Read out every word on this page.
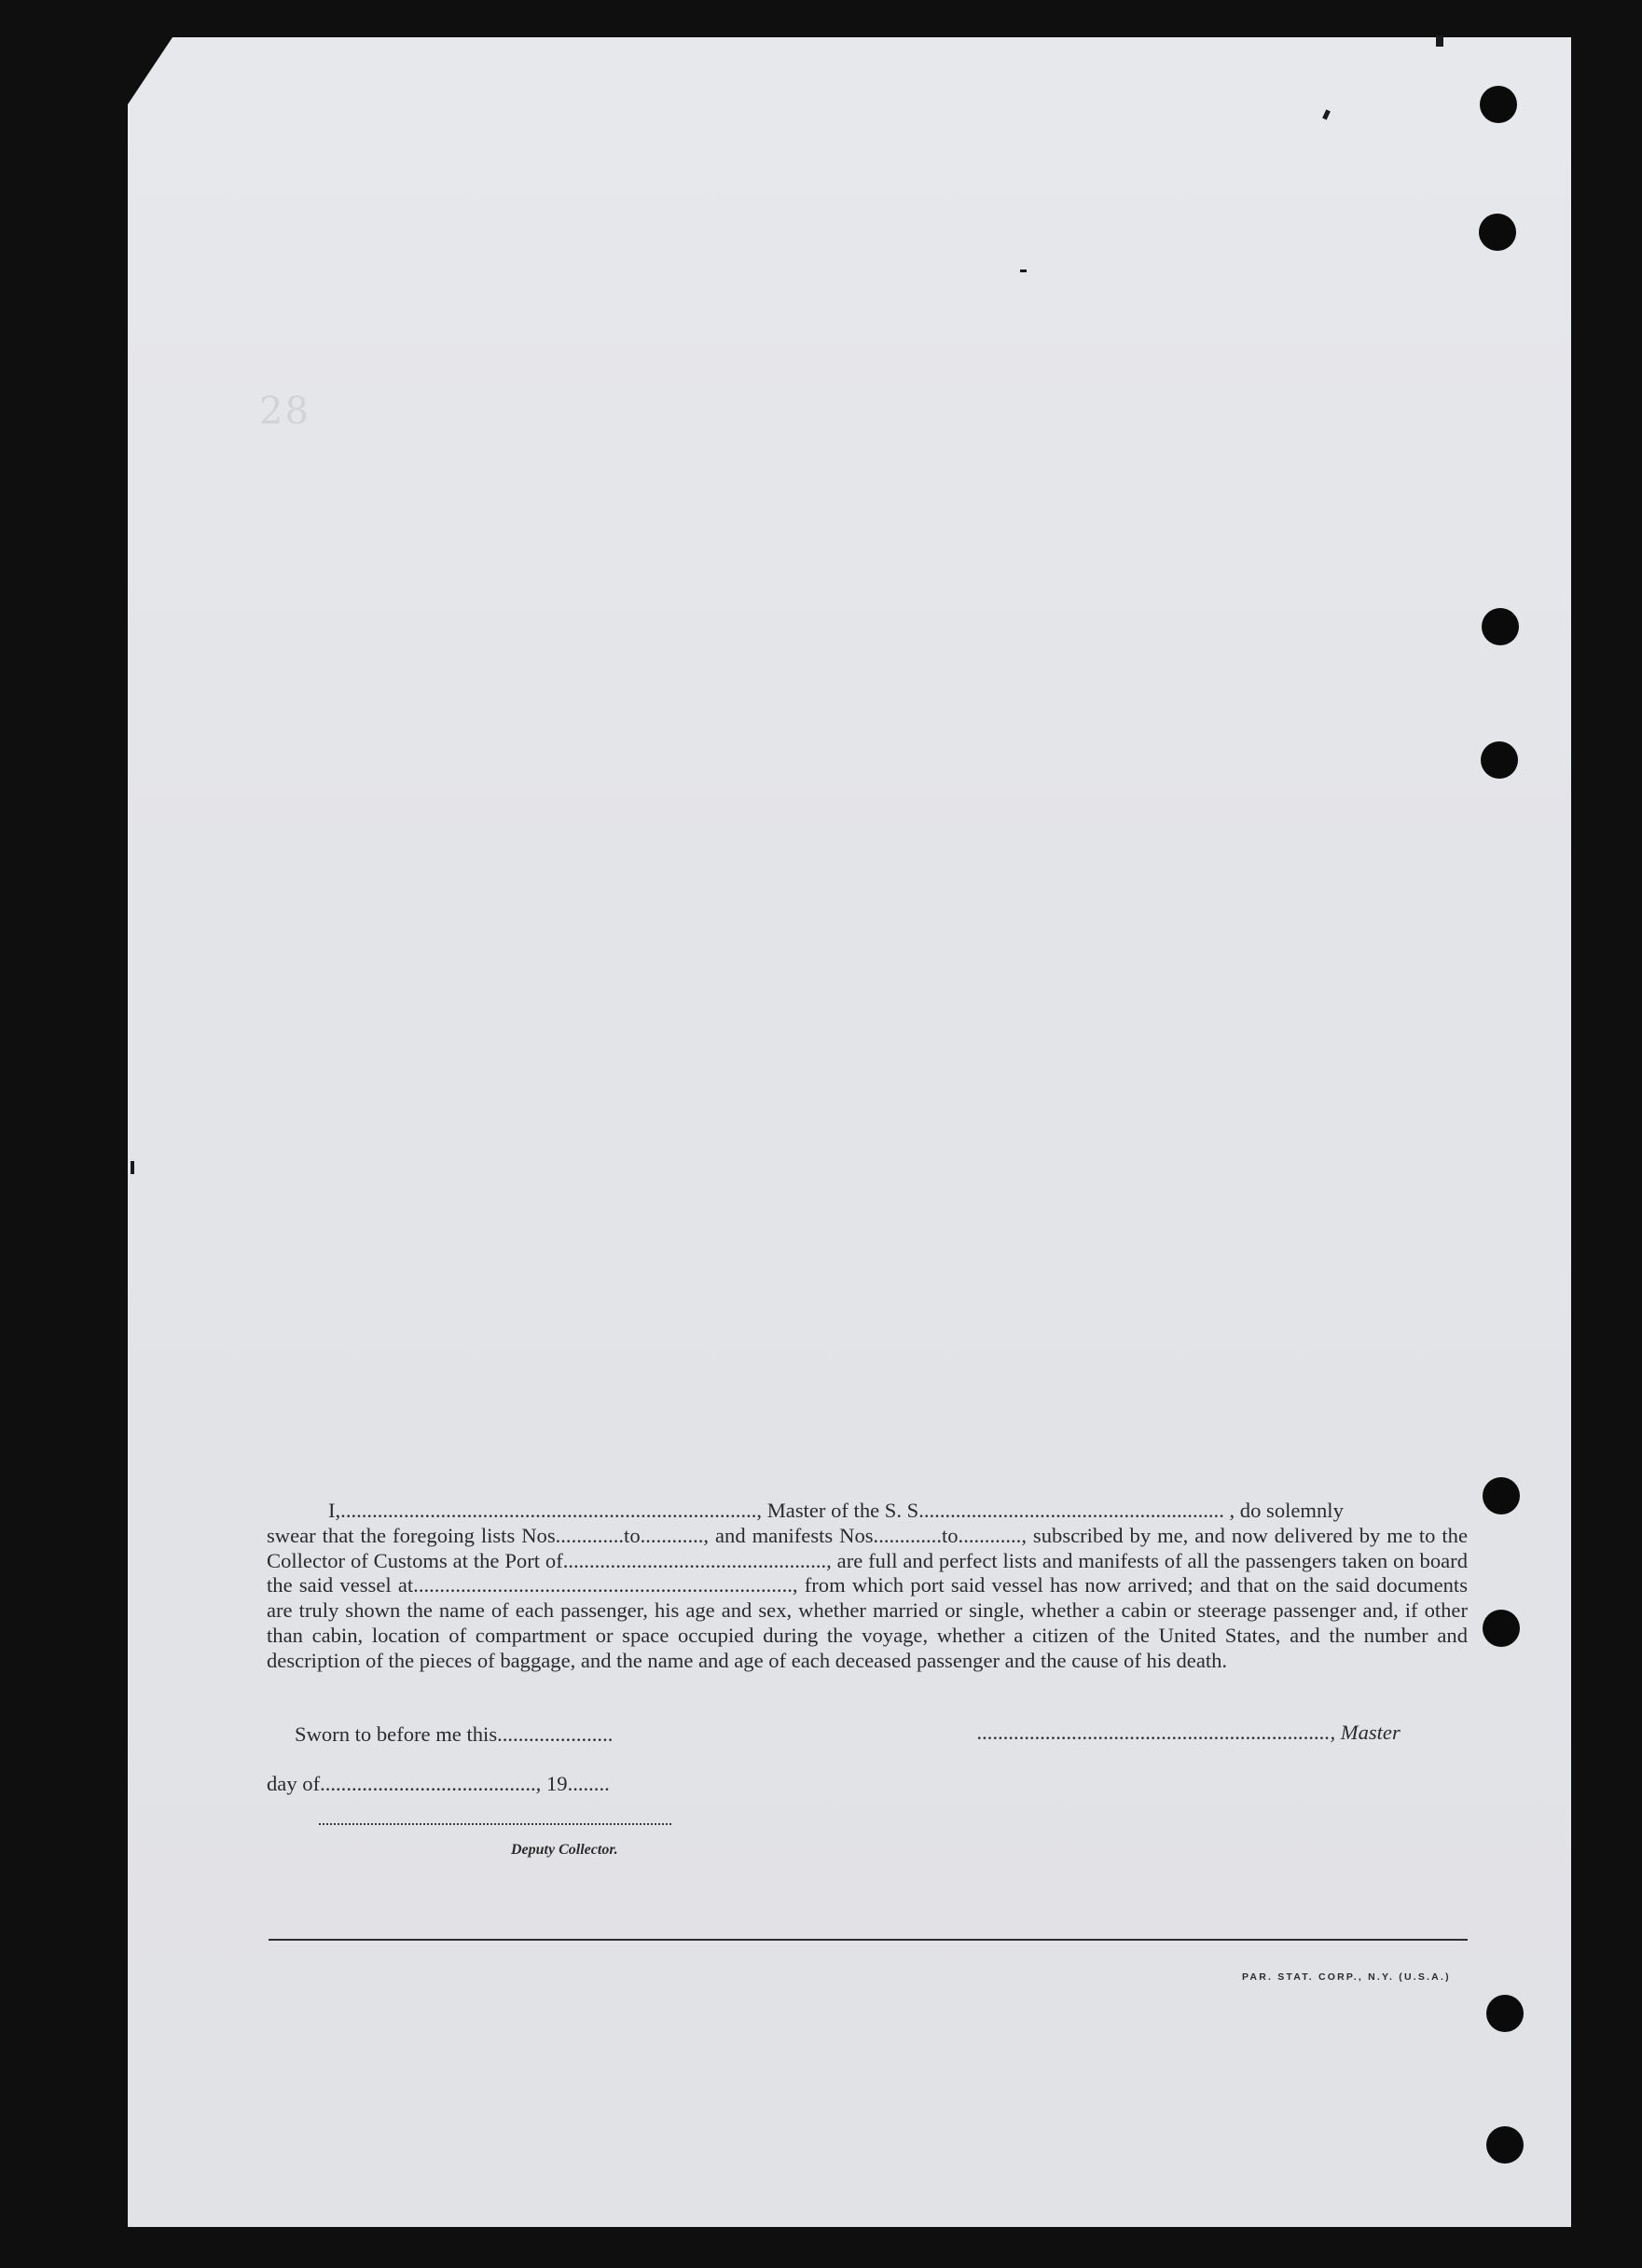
28

I,..............................................................................., Master of the S. S.......................................................... , do solemnly

swear that the foregoing lists Nos.............to............, and manifests Nos.............to............, subscribed by me, and now delivered by me to the Collector of Customs at the Port of.................................................., are full and perfect lists and manifests of all the passengers taken on board the said vessel at........................................................................, from which port said vessel has now arrived; and that on the said documents are truly shown the name of each passenger, his age and sex, whether married or single, whether a cabin or steerage passenger and, if other than cabin, location of compartment or space occupied during the voyage, whether a citizen of the United States, and the number and description of the pieces of baggage, and the name and age of each deceased passenger and the cause of his death.

Sworn to before me this......................	..................................................................., Master
day of........................................., 19........
Deputy Collector.
PAR. STAT. CORP., N.Y. (U.S.A.)
